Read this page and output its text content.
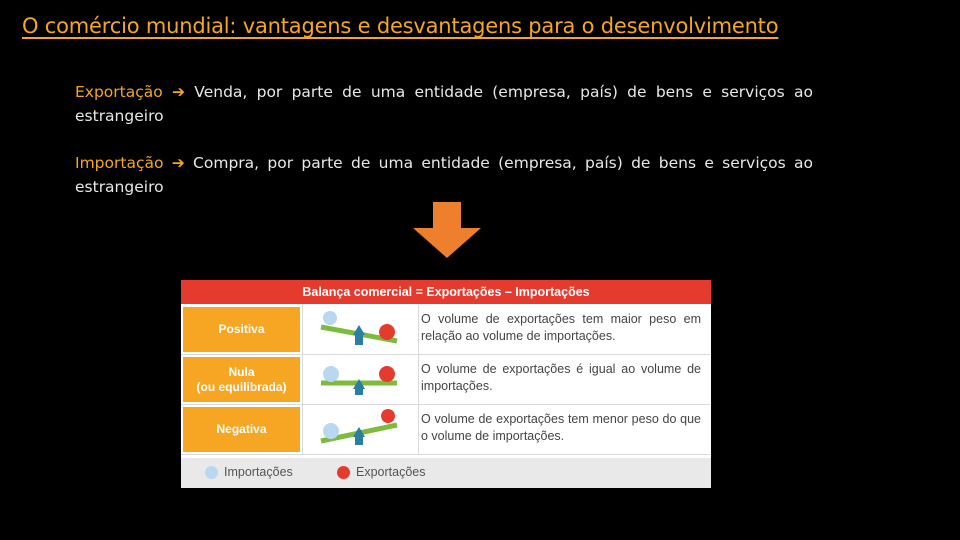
O comércio mundial: vantagens e desvantagens para o desenvolvimento
Exportação ➔ Venda, por parte de uma entidade (empresa, país) de bens e serviços ao estrangeiro
Importação ➔ Compra, por parte de uma entidade (empresa, país) de bens e serviços ao estrangeiro
Balança comercial = Exportações – Importações
Positiva

O volume de exportações tem maior peso em relação ao volume de importações.
Nula
(ou equilibrada)
O volume de exportações é igual ao volume de importações.
Negativa

O volume de exportações tem menor peso do que o volume de importações.
Importações	Exportações
